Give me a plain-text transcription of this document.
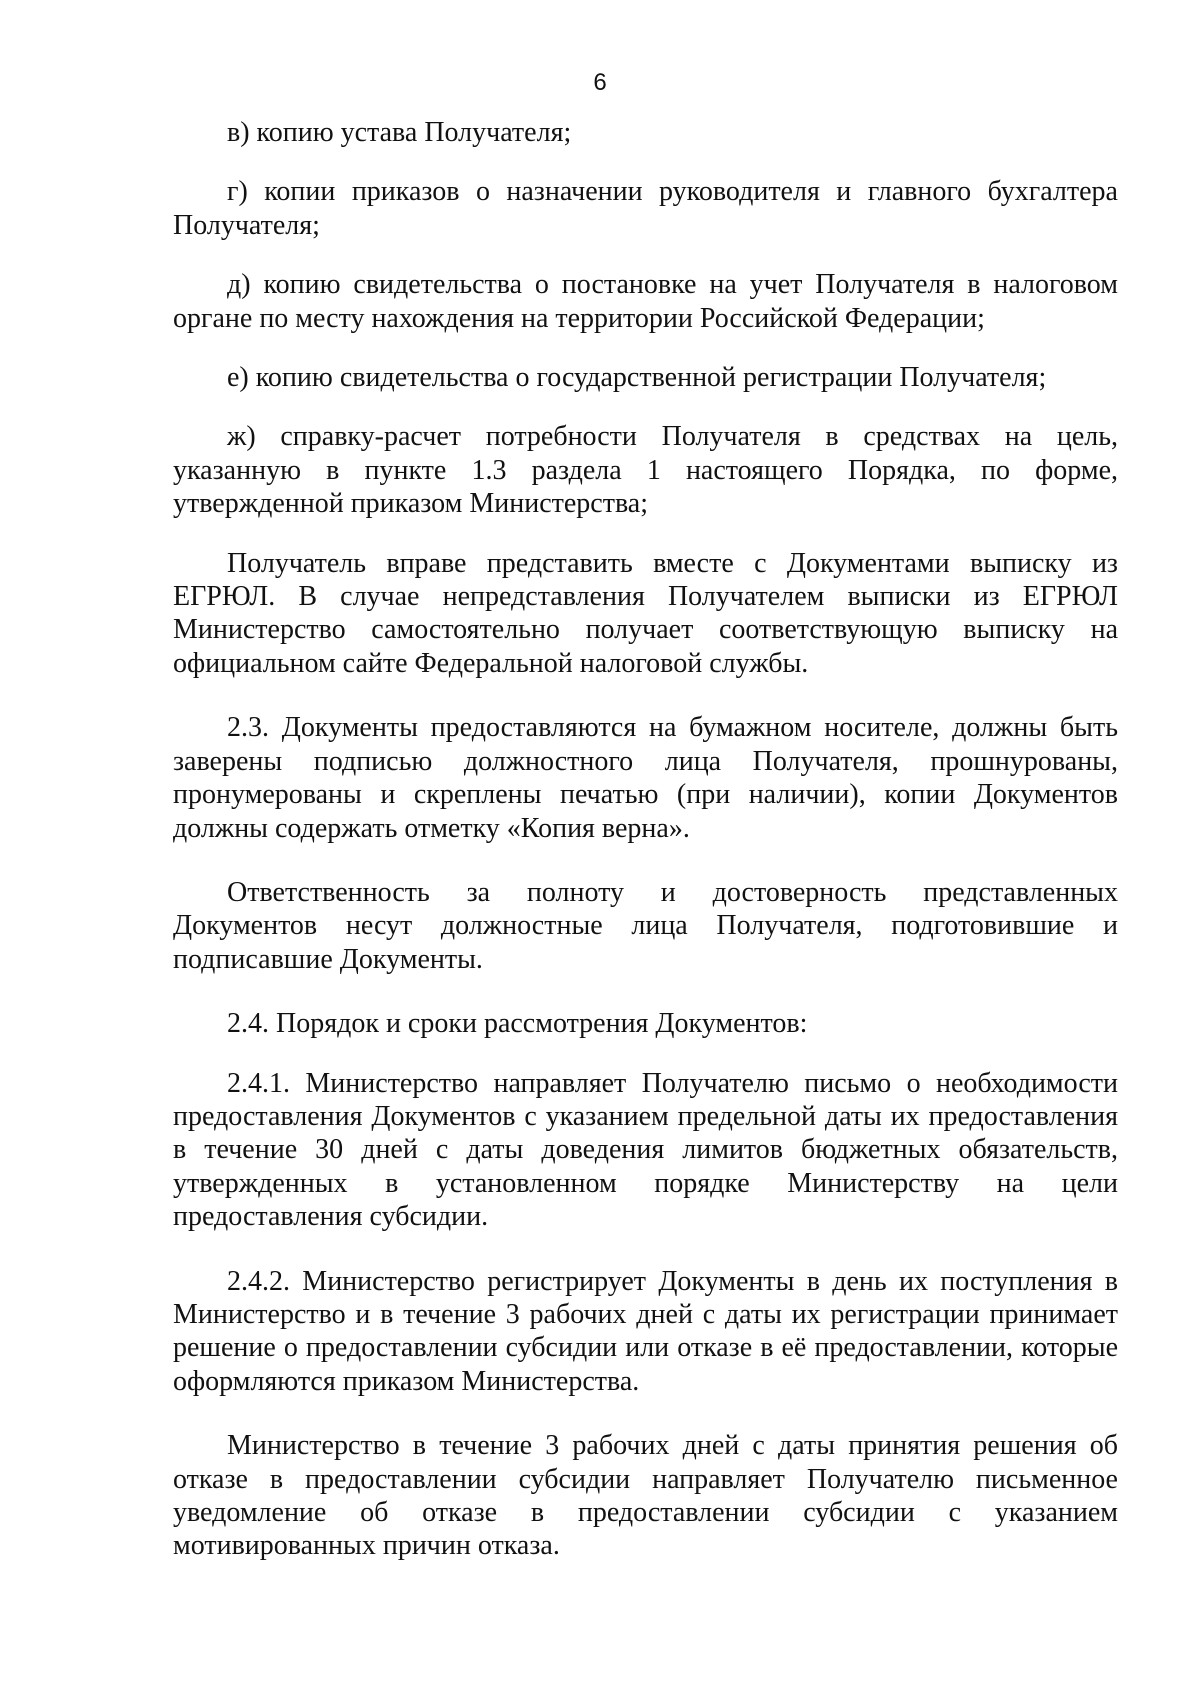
6

в) копию устава Получателя;

г) копии приказов о назначении руководителя и главного бухгалтера Получателя;

д) копию свидетельства о постановке на учет Получателя в налоговом органе по месту нахождения на территории Российской Федерации;

е) копию свидетельства о государственной регистрации Получателя;

ж) справку-расчет потребности Получателя в средствах на цель, указанную в пункте 1.3 раздела 1 настоящего Порядка, по форме, утвержденной приказом Министерства;

Получатель вправе представить вместе с Документами выписку из ЕГРЮЛ. В случае непредставления Получателем выписки из ЕГРЮЛ Министерство самостоятельно получает соответствующую выписку на официальном сайте Федеральной налоговой службы.

2.3. Документы предоставляются на бумажном носителе, должны быть заверены подписью должностного лица Получателя, прошнурованы, пронумерованы и скреплены печатью (при наличии), копии Документов должны содержать отметку «Копия верна».

Ответственность за полноту и достоверность представленных Документов несут должностные лица Получателя, подготовившие и подписавшие Документы.

2.4. Порядок и сроки рассмотрения Документов:

2.4.1. Министерство направляет Получателю письмо о необходимости предоставления Документов с указанием предельной даты их предоставления в течение 30 дней с даты доведения лимитов бюджетных обязательств, утвержденных в установленном порядке Министерству на цели предоставления субсидии.

2.4.2. Министерство регистрирует Документы в день их поступления в Министерство и в течение 3 рабочих дней с даты их регистрации принимает решение о предоставлении субсидии или отказе в её предоставлении, которые оформляются приказом Министерства.

Министерство в течение 3 рабочих дней с даты принятия решения об отказе в предоставлении субсидии направляет Получателю письменное уведомление об отказе в предоставлении субсидии с указанием мотивированных причин отказа.
